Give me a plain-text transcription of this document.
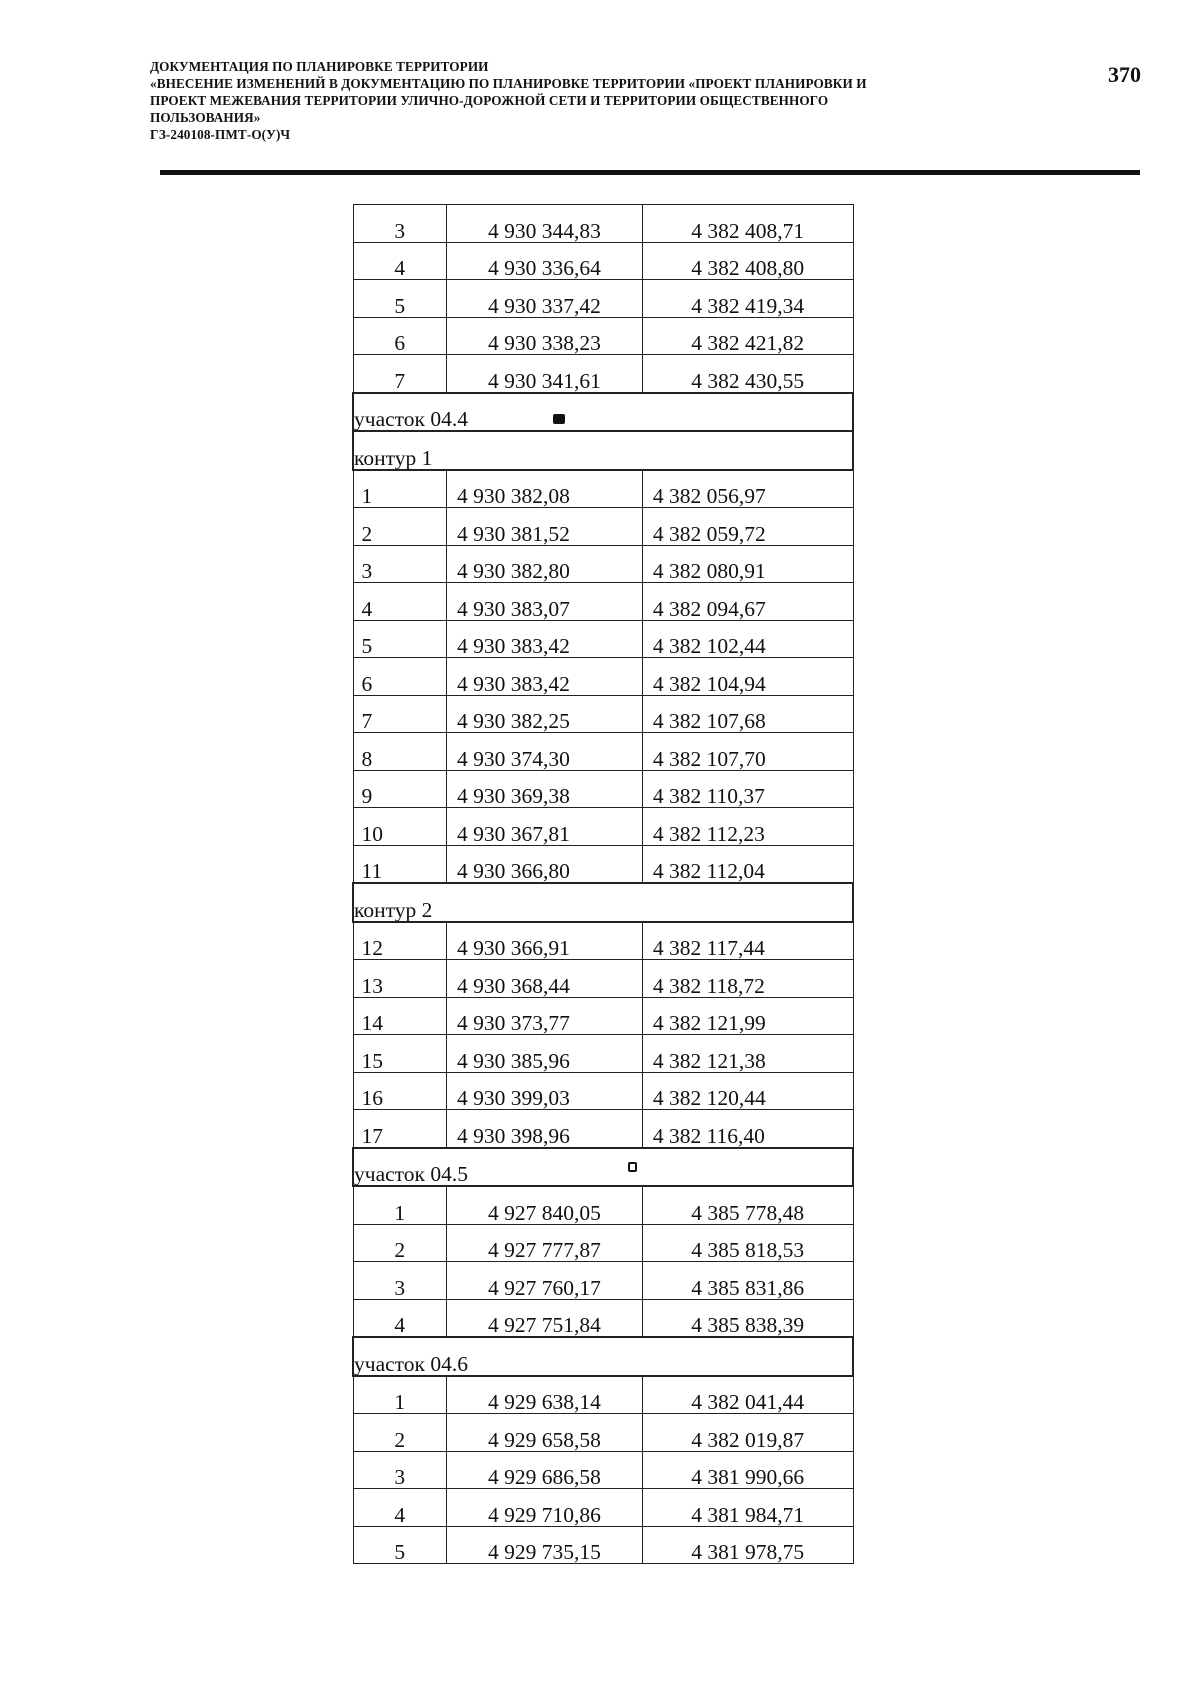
ДОКУМЕНТАЦИЯ ПО ПЛАНИРОВКЕ ТЕРРИТОРИИ
«ВНЕСЕНИЕ ИЗМЕНЕНИЙ В ДОКУМЕНТАЦИЮ ПО ПЛАНИРОВКЕ ТЕРРИТОРИИ «ПРОЕКТ ПЛАНИРОВКИ И
ПРОЕКТ МЕЖЕВАНИЯ ТЕРРИТОРИИ УЛИЧНО-ДОРОЖНОЙ СЕТИ И ТЕРРИТОРИИ ОБЩЕСТВЕННОГО
ПОЛЬЗОВАНИЯ»
ГЗ-240108-ПМТ-О(У)Ч
370
3	4 930 344,83	4 382 408,71
4	4 930 336,64	4 382 408,80
5	4 930 337,42	4 382 419,34
6	4 930 338,23	4 382 421,82
7	4 930 341,61	4 382 430,55
участок 04.4		
контур 1		
1	4 930 382,08	4 382 056,97
2	4 930 381,52	4 382 059,72
3	4 930 382,80	4 382 080,91
4	4 930 383,07	4 382 094,67
5	4 930 383,42	4 382 102,44
6	4 930 383,42	4 382 104,94
7	4 930 382,25	4 382 107,68
8	4 930 374,30	4 382 107,70
9	4 930 369,38	4 382 110,37
10	4 930 367,81	4 382 112,23
11	4 930 366,80	4 382 112,04
контур 2		
12	4 930 366,91	4 382 117,44
13	4 930 368,44	4 382 118,72
14	4 930 373,77	4 382 121,99
15	4 930 385,96	4 382 121,38
16	4 930 399,03	4 382 120,44
17	4 930 398,96	4 382 116,40
участок 04.5		
1	4 927 840,05	4 385 778,48
2	4 927 777,87	4 385 818,53
3	4 927 760,17	4 385 831,86
4	4 927 751,84	4 385 838,39
участок 04.6		
1	4 929 638,14	4 382 041,44
2	4 929 658,58	4 382 019,87
3	4 929 686,58	4 381 990,66
4	4 929 710,86	4 381 984,71
5	4 929 735,15	4 381 978,75
